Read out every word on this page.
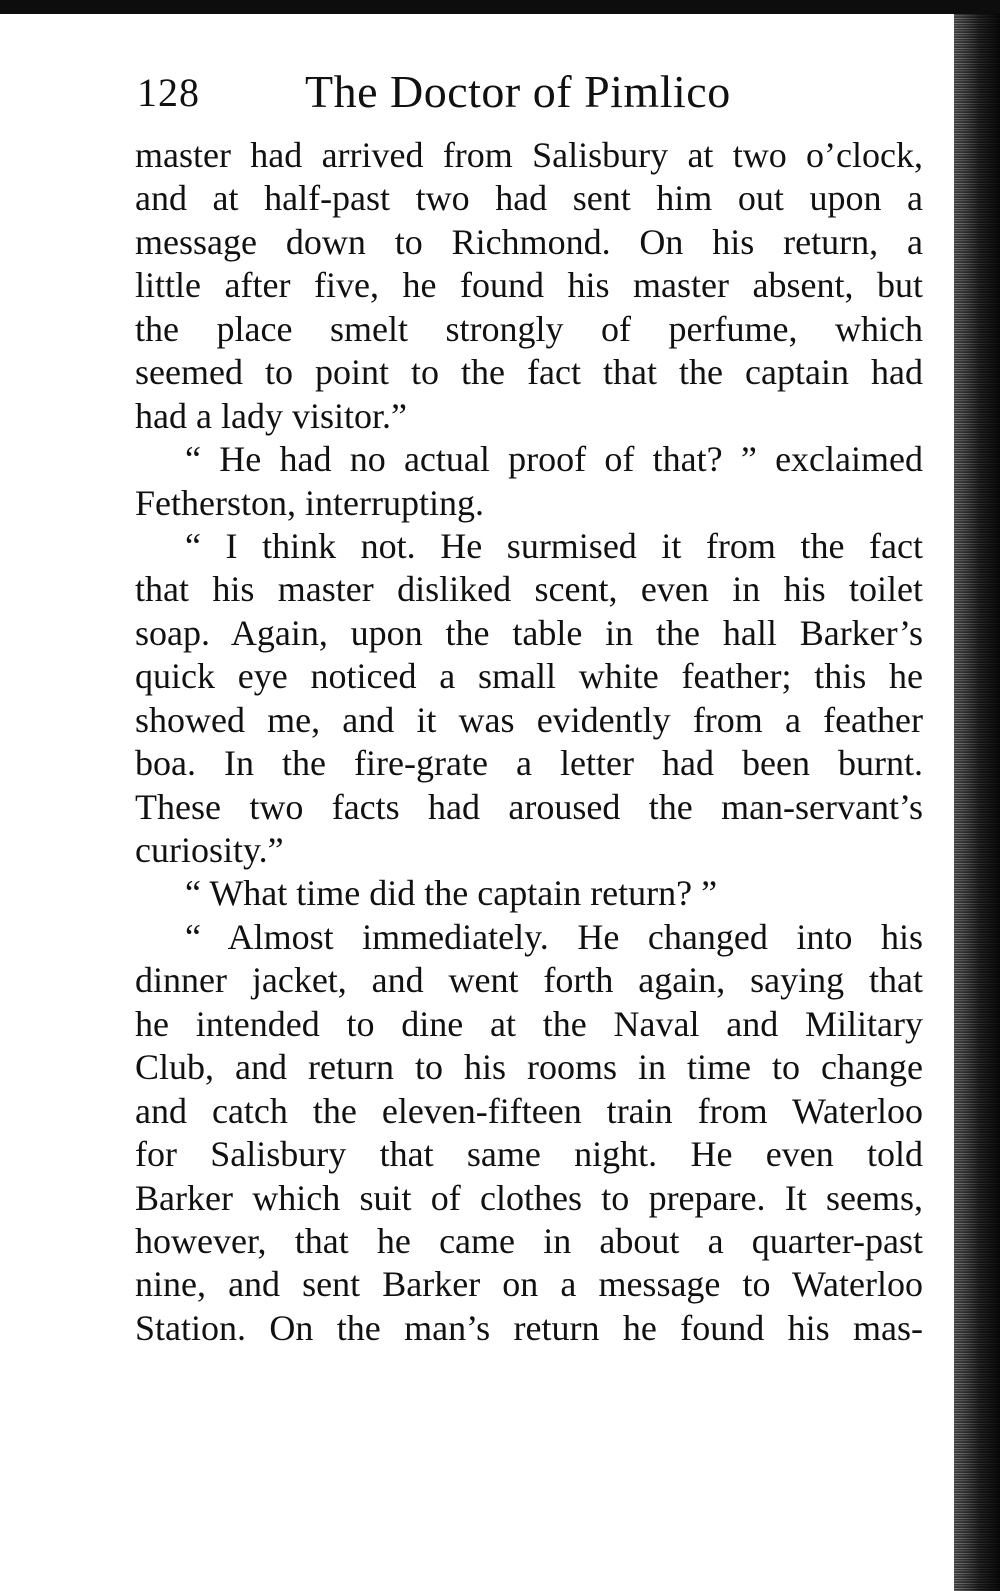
128 The Doctor of Pimlico
master had arrived from Salisbury at two o’clock,
and at half-past two had sent him out upon a
message down to Richmond. On his return, a
little after five, he found his master absent, but
the place smelt strongly of perfume, which
seemed to point to the fact that the captain had
had a lady visitor.”
“ He had no actual proof of that? ” exclaimed
Fetherston, interrupting.
“ I think not. He surmised it from the fact
that his master disliked scent, even in his toilet
soap. Again, upon the table in the hall Barker’s
quick eye noticed a small white feather; this he
showed me, and it was evidently from a feather
boa. In the fire-grate a letter had been burnt.
These two facts had aroused the man-servant’s
curiosity.”
“ What time did the captain return? ”
“ Almost immediately. He changed into his
dinner jacket, and went forth again, saying that
he intended to dine at the Naval and Military
Club, and return to his rooms in time to change
and catch the eleven-fifteen train from Waterloo
for Salisbury that same night. He even told
Barker which suit of clothes to prepare. It seems,
however, that he came in about a quarter-past
nine, and sent Barker on a message to Waterloo
Station. On the man’s return he found his mas-
